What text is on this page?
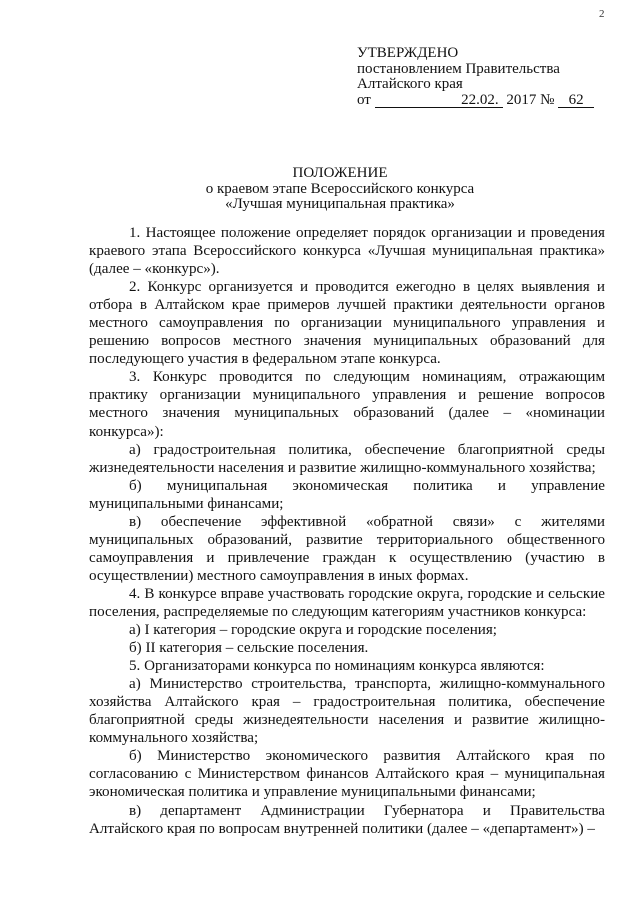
2
УТВЕРЖДЕНО
постановлением Правительства
Алтайского края
от	22.02. 2017 № 62
ПОЛОЖЕНИЕ
о краевом этапе Всероссийского конкурса
«Лучшая муниципальная практика»

1. Настоящее положение определяет порядок организации и проведения краевого этапа Всероссийского конкурса «Лучшая муниципальная практика» (далее – «конкурс»).

2. Конкурс организуется и проводится ежегодно в целях выявления и отбора в Алтайском крае примеров лучшей практики деятельности органов местного самоуправления по организации муниципального управления и решению вопросов местного значения муниципальных образований для последующего участия в федеральном этапе конкурса.

3. Конкурс проводится по следующим номинациям, отражающим практику организации муниципального управления и решение вопросов местного значения муниципальных образований (далее – «номинации конкурса»):

а) градостроительная политика, обеспечение благоприятной среды жизнедеятельности населения и развитие жилищно-коммунального хозяйства;

б) муниципальная экономическая политика и управление муниципальными финансами;

в) обеспечение эффективной «обратной связи» с жителями муниципальных образований, развитие территориального общественного самоуправления и привлечение граждан к осуществлению (участию в осуществлении) местного самоуправления в иных формах.

4. В конкурсе вправе участвовать городские округа, городские и сельские поселения, распределяемые по следующим категориям участников конкурса:

а) I категория – городские округа и городские поселения;

б) II категория – сельские поселения.

5. Организаторами конкурса по номинациям конкурса являются:

а) Министерство строительства, транспорта, жилищно-коммунального хозяйства Алтайского края – градостроительная политика, обеспечение благоприятной среды жизнедеятельности населения и развитие жилищно-коммунального хозяйства;

б) Министерство экономического развития Алтайского края по согласованию с Министерством финансов Алтайского края – муниципальная экономическая политика и управление муниципальными финансами;

в) департамент Администрации Губернатора и Правительства Алтайского края по вопросам внутренней политики (далее – «департамент») –
